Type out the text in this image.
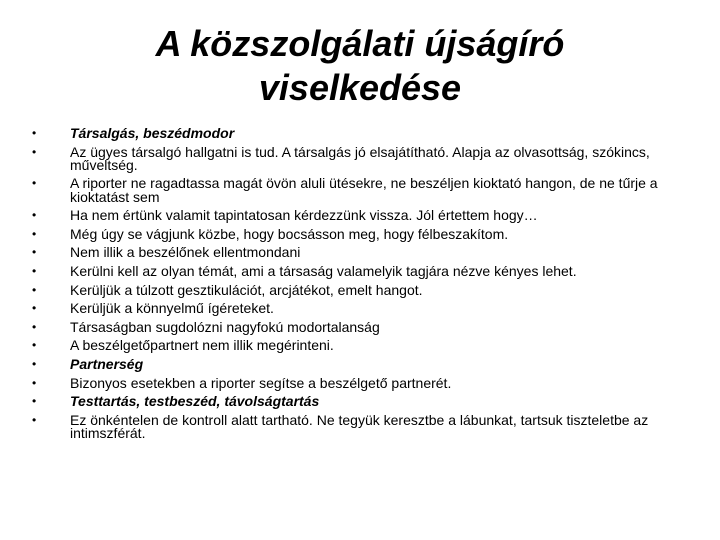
A közszolgálati újságíró
viselkedése
•	Társalgás, beszédmodor
•	Az ügyes társalgó hallgatni is tud. A társalgás jó elsajátítható. Alapja az olvasottság, szókincs, műveltség.
•	A riporter ne ragadtassa magát övön aluli ütésekre, ne beszéljen kioktató hangon, de ne tűrje a kioktatást sem
•	Ha nem értünk valamit tapintatosan kérdezzünk vissza. Jól értettem hogy…
•	Még úgy se vágjunk közbe, hogy bocsásson meg, hogy félbeszakítom.
•	Nem illik a beszélőnek ellentmondani
•	Kerülni kell az olyan témát, ami a társaság valamelyik tagjára nézve kényes lehet.
•	Kerüljük a túlzott gesztikulációt, arcjátékot, emelt hangot.
•	Kerüljük a könnyelmű ígéreteket.
•	Társaságban sugdolózni nagyfokú modortalanság
•	A beszélgetőpartnert nem illik megérinteni.
•	Partnerség
•	Bizonyos esetekben a riporter segítse a beszélgető partnerét.
•	Testtartás, testbeszéd, távolságtartás
•	Ez önkéntelen de kontroll alatt tartható. Ne tegyük keresztbe a lábunkat, tartsuk tiszteletbe az intimszférát.
